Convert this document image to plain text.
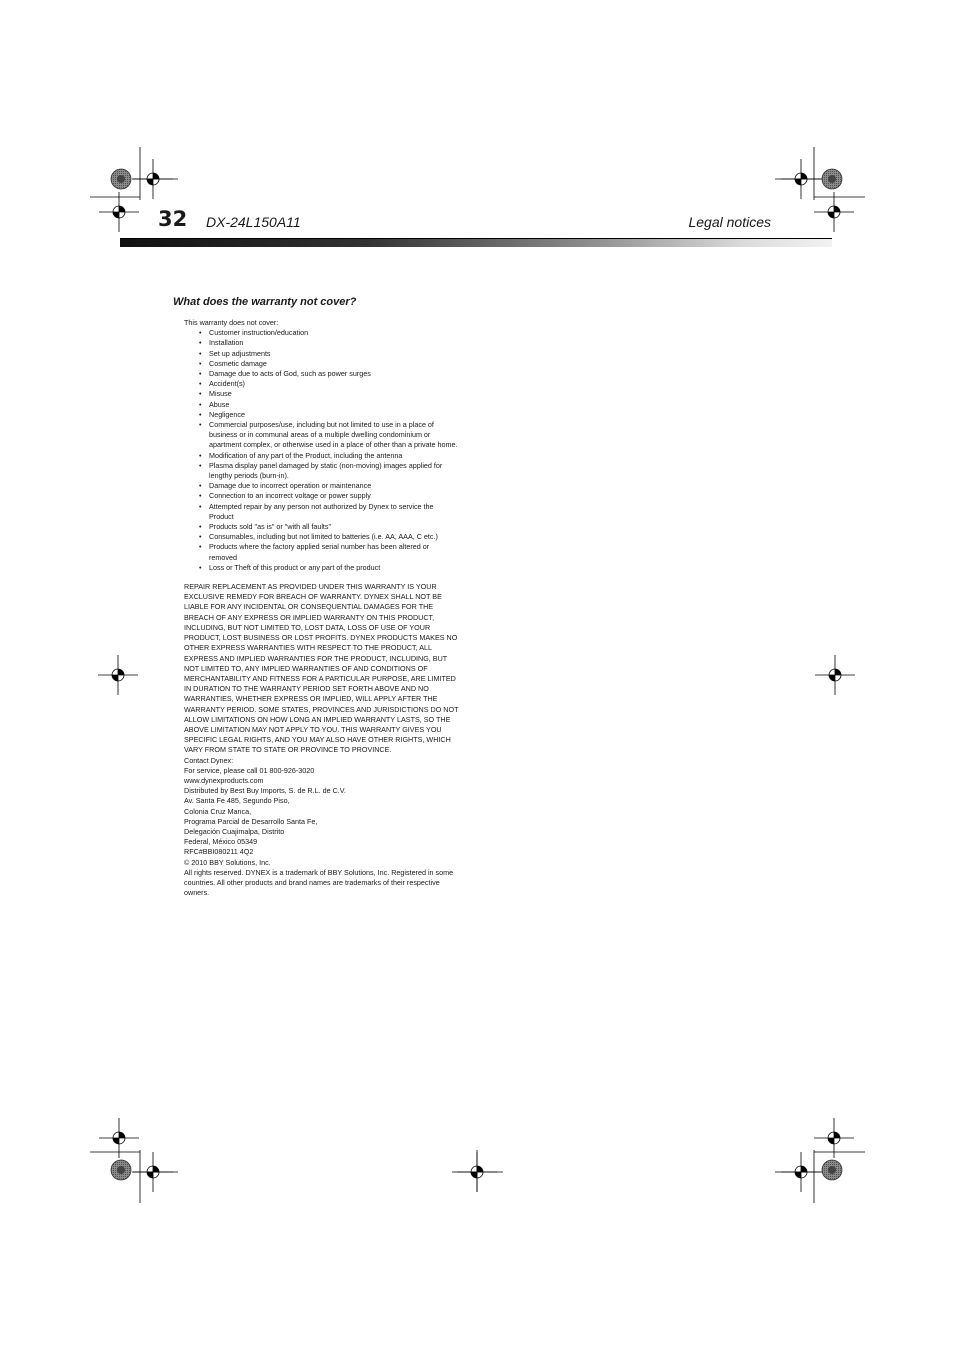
32 DX-24L150A11	Legal notices
What does the warranty not cover?

This warranty does not cover:

• Customer instruction/education
• Installation
• Set up adjustments
• Cosmetic damage
• Damage due to acts of God, such as power surges
• Accident(s)
• Misuse
• Abuse
• Negligence
• Commercial purposes/use, including but not limited to use in a place of business or in communal areas of a multiple dwelling condominium or apartment complex, or otherwise used in a place of other than a private home.
• Modification of any part of the Product, including the antenna
• Plasma display panel damaged by static (non-moving) images applied for lengthy periods (burn-in).
• Damage due to incorrect operation or maintenance
• Connection to an incorrect voltage or power supply
• Attempted repair by any person not authorized by Dynex to service the Product
• Products sold "as is" or "with all faults"
• Consumables, including but not limited to batteries (i.e. AA, AAA, C etc.)
• Products where the factory applied serial number has been altered or removed
• Loss or Theft of this product or any part of the product

REPAIR REPLACEMENT AS PROVIDED UNDER THIS WARRANTY IS YOUR EXCLUSIVE REMEDY FOR BREACH OF WARRANTY. DYNEX SHALL NOT BE LIABLE FOR ANY INCIDENTAL OR CONSEQUENTIAL DAMAGES FOR THE BREACH OF ANY EXPRESS OR IMPLIED WARRANTY ON THIS PRODUCT, INCLUDING, BUT NOT LIMITED TO, LOST DATA, LOSS OF USE OF YOUR PRODUCT, LOST BUSINESS OR LOST PROFITS. DYNEX PRODUCTS MAKES NO OTHER EXPRESS WARRANTIES WITH RESPECT TO THE PRODUCT, ALL EXPRESS AND IMPLIED WARRANTIES FOR THE PRODUCT, INCLUDING, BUT NOT LIMITED TO, ANY IMPLIED WARRANTIES OF AND CONDITIONS OF MERCHANTABILITY AND FITNESS FOR A PARTICULAR PURPOSE, ARE LIMITED IN DURATION TO THE WARRANTY PERIOD SET FORTH ABOVE AND NO WARRANTIES, WHETHER EXPRESS OR IMPLIED, WILL APPLY AFTER THE WARRANTY PERIOD. SOME STATES, PROVINCES AND JURISDICTIONS DO NOT ALLOW LIMITATIONS ON HOW LONG AN IMPLIED WARRANTY LASTS, SO THE ABOVE LIMITATION MAY NOT APPLY TO YOU. THIS WARRANTY GIVES YOU SPECIFIC LEGAL RIGHTS, AND YOU MAY ALSO HAVE OTHER RIGHTS, WHICH VARY FROM STATE TO STATE OR PROVINCE TO PROVINCE.

Contact Dynex:

For service, please call 01 800-926-3020

www.dynexproducts.com

Distributed by Best Buy Imports, S. de R.L. de C.V.

Av. Santa Fe 485, Segundo Piso,

Colonia Cruz Manca,

Programa Parcial de Desarrollo Santa Fe,

Delegación Cuajimalpa, Distrito

Federal, México 05349

RFC#BBI080211 4Q2

© 2010 BBY Solutions, Inc.

All rights reserved. DYNEX is a trademark of BBY Solutions, Inc. Registered in some countries. All other products and brand names are trademarks of their respective owners.
